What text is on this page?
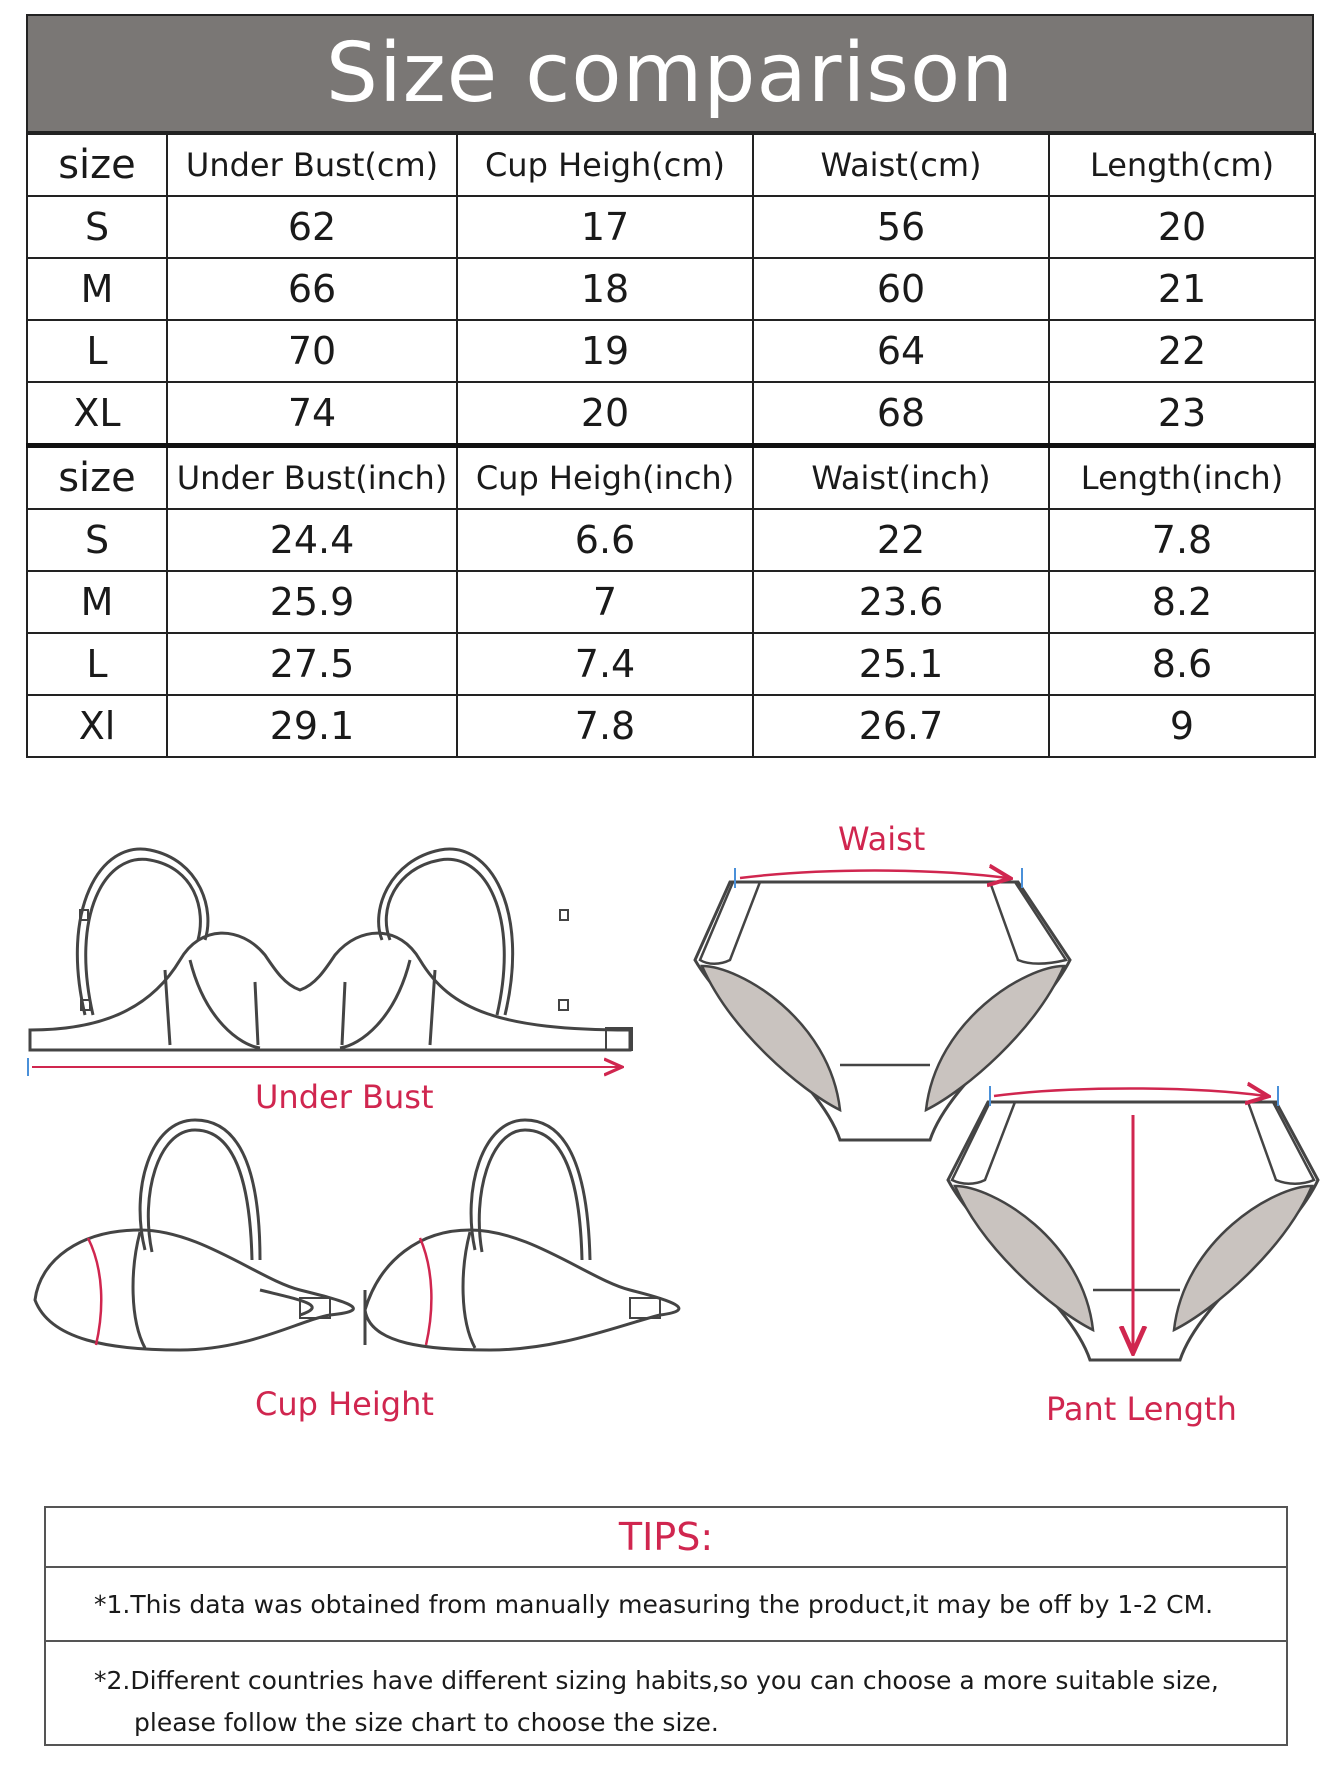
Size comparison
size	Under Bust(cm)	Cup Heigh(cm)	Waist(cm)	Length(cm)
S	62	17	56	20
M	66	18	60	21
L	70	19	64	22
XL	74	20	68	23
size	Under Bust(inch)	Cup Heigh(inch)	Waist(inch)	Length(inch)
S	24.4	6.6	22	7.8
M	25.9	7	23.6	8.2
L	27.5	7.4	25.1	8.6
Xl	29.1	7.8	26.7	9
Under Bust
Cup Height
Waist
Pant Length
TIPS:
*1.This data was obtained from manually measuring the product,it may be off by 1-2 CM.
*2.Different countries have different sizing habits,so you can choose a more suitable size,
please follow the size chart to choose the size.
